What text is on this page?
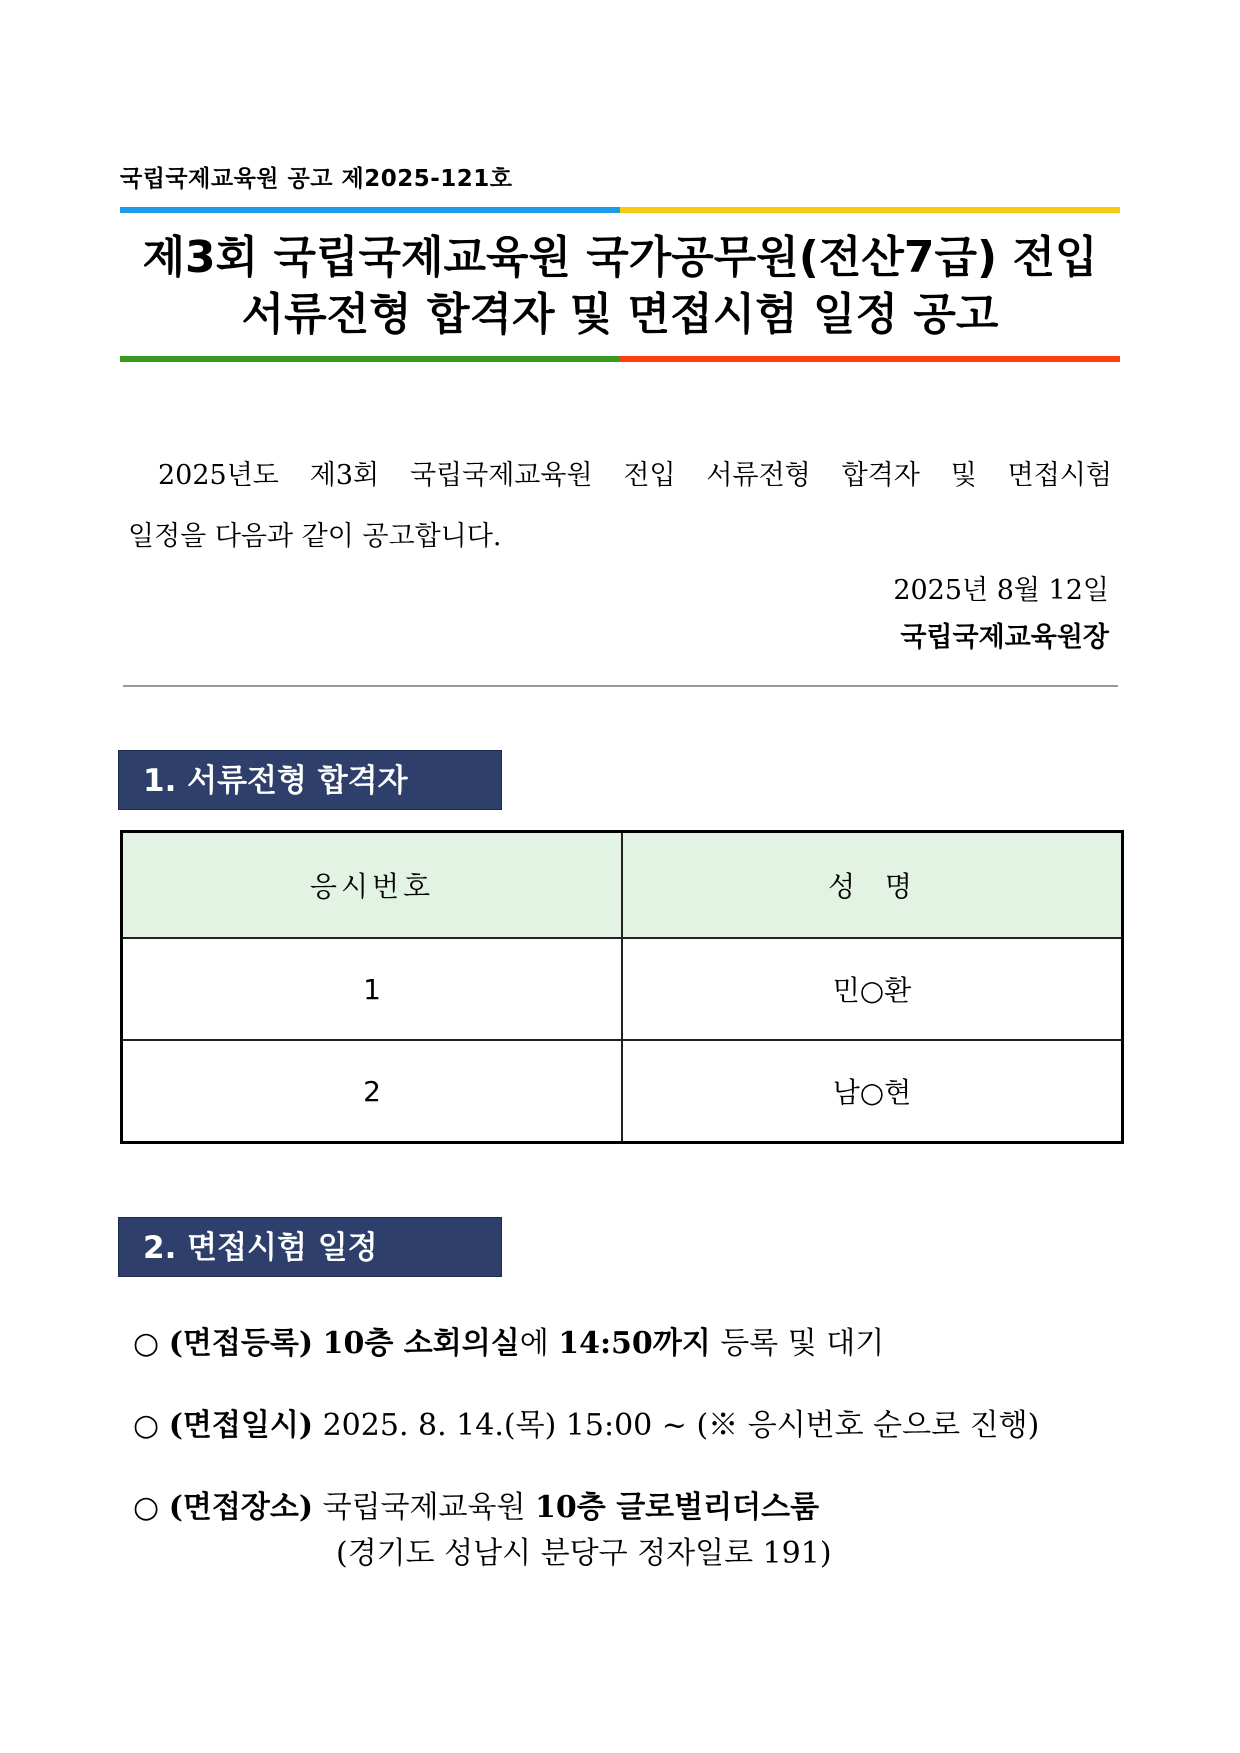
국립국제교육원 공고 제2025-121호
제3회 국립국제교육원 국가공무원(전산7급) 전입
서류전형 합격자 및 면접시험 일정 공고
2025년도 제3회 국립국제교육원 전입 서류전형 합격자 및 면접시험
일정을 다음과 같이 공고합니다.
2025년 8월 12일
국립국제교육원장
1. 서류전형 합격자
응시번호	성  명
1	민○환
2	남○현
2. 면접시험 일정
○ (면접등록) 10층 소회의실에 14:50까지 등록 및 대기
○ (면접일시) 2025. 8. 14.(목) 15:00 ~ (※ 응시번호 순으로 진행)
○ (면접장소) 국립국제교육원 10층 글로벌리더스룸
(경기도 성남시 분당구 정자일로 191)
